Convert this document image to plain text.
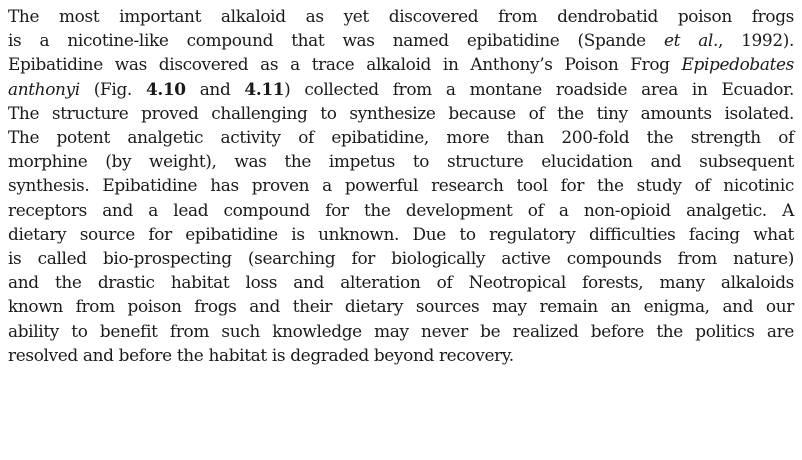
The most important alkaloid as yet discovered from dendrobatid poison frogs
is a nicotine-like compound that was named epibatidine (Spande et al., 1992).
Epibatidine was discovered as a trace alkaloid in Anthony’s Poison Frog Epipedobates
anthonyi (Fig. 4.10 and 4.11) collected from a montane roadside area in Ecuador.
The structure proved challenging to synthesize because of the tiny amounts isolated.
The potent analgetic activity of epibatidine, more than 200-fold the strength of
morphine (by weight), was the impetus to structure elucidation and subsequent
synthesis. Epibatidine has proven a powerful research tool for the study of nicotinic
receptors and a lead compound for the development of a non-opioid analgetic. A
dietary source for epibatidine is unknown. Due to regulatory difficulties facing what
is called bio-prospecting (searching for biologically active compounds from nature)
and the drastic habitat loss and alteration of Neotropical forests, many alkaloids
known from poison frogs and their dietary sources may remain an enigma, and our
ability to benefit from such knowledge may never be realized before the politics are
resolved and before the habitat is degraded beyond recovery.
